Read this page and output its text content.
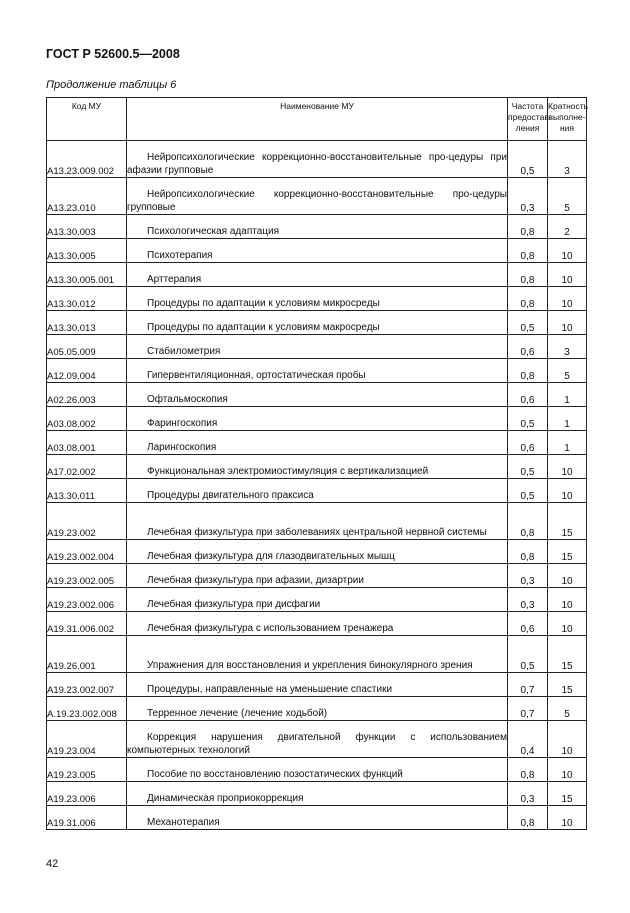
ГОСТ Р 52600.5—2008
Продолжение таблицы 6
Код МУ	Наименование МУ	Частота предостав-ления	Кратность выполне-ния
A13.23.009.002	Нейропсихологические коррекционно-восстановительные про-цедуры при афазии групповые	0,5	3
A13.23.010	Нейропсихологические коррекционно-восстановительные про-цедуры групповые	0,3	5
A13.30.003	Психологическая адаптация	0,8	2
A13.30.005	Психотерапия	0,8	10
A13.30.005.001	Арттерапия	0,8	10
A13.30.012	Процедуры по адаптации к условиям микросреды	0,8	10
A13.30.013	Процедуры по адаптации к условиям макросреды	0,5	10
A05.05.009	Стабилометрия	0,6	3
A12.09.004	Гипервентиляционная, ортостатическая пробы	0,8	5
A02.26.003	Офтальмоскопия	0,6	1
A03.08.002	Фарингоскопия	0,5	1
A03.08.001	Ларингоскопия	0,6	1
A17.02.002	Функциональная электромиостимуляция с вертикализацией	0,5	10
A13.30.011	Процедуры двигательного праксиса	0,5	10
A19.23.002	Лечебная физкультура при заболеваниях центральной нервной системы	0,8	15
A19.23.002.004	Лечебная физкультура для глазодвигательных мышц	0,8	15
A19.23.002.005	Лечебная физкультура при афазии, дизартрии	0,3	10
A19.23.002.006	Лечебная физкультура при дисфагии	0,3	10
A19.31.006.002	Лечебная физкультура с использованием тренажера	0,6	10
A19.26.001	Упражнения для восстановления и укрепления бинокулярного зрения	0,5	15
A19.23.002.007	Процедуры, направленные на уменьшение спастики	0,7	15
A.19.23.002.008	Терренное лечение (лечение ходьбой)	0,7	5
A19.23.004	Коррекция нарушения двигательной функции с использованием компьютерных технологий	0,4	10
A19.23.005	Пособие по восстановлению позостатических функций	0,8	10
A19.23.006	Динамическая проприокоррекция	0,3	15
A19.31.006	Механотерапия	0,8	10
42
